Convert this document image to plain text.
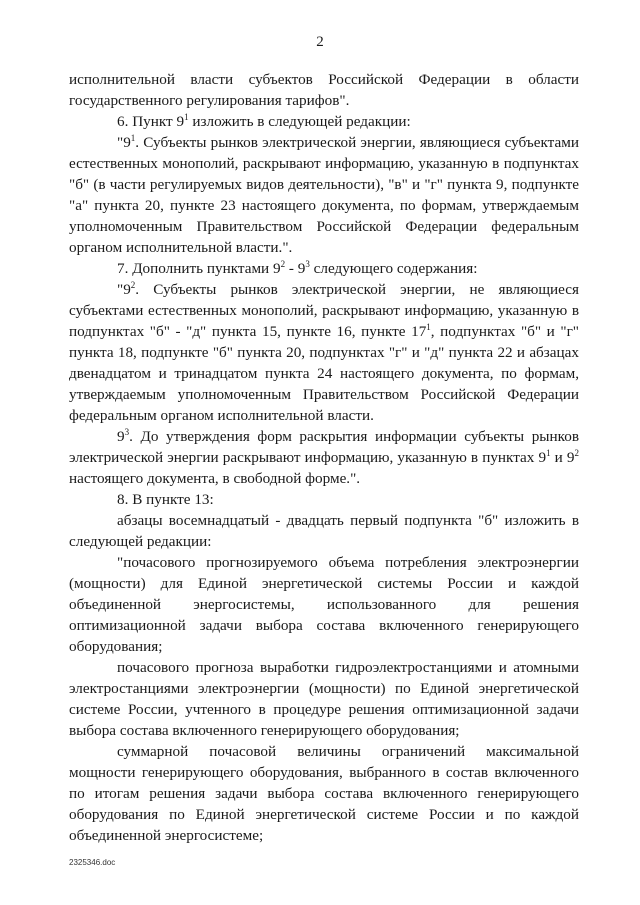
2

исполнительной власти субъектов Российской Федерации в области государственного регулирования тарифов".

6. Пункт $9^1$ изложить в следующей редакции:

"$9^1$. Субъекты рынков электрической энергии, являющиеся субъектами естественных монополий, раскрывают информацию, указанную в подпунктах "б" (в части регулируемых видов деятельности), "в" и "г" пункта 9, подпункте "а" пункта 20, пункте 23 настоящего документа, по формам, утверждаемым уполномоченным Правительством Российской Федерации федеральным органом исполнительной власти.".

7. Дополнить пунктами $9^2 - 9^3$ следующего содержания:

"$9^2$. Субъекты рынков электрической энергии, не являющиеся субъектами естественных монополий, раскрывают информацию, указанную в подпунктах "б" - "д" пункта 15, пункте 16, пункте $17^1$, подпунктах "б" и "г" пункта 18, подпункте "б" пункта 20, подпунктах "г" и "д" пункта 22 и абзацах двенадцатом и тринадцатом пункта 24 настоящего документа, по формам, утверждаемым уполномоченным Правительством Российской Федерации федеральным органом исполнительной власти.

$9^3$. До утверждения форм раскрытия информации субъекты рынков электрической энергии раскрывают информацию, указанную в пунктах $9^1$ и $9^2$ настоящего документа, в свободной форме.".

8. В пункте 13:

абзацы восемнадцатый - двадцать первый подпункта "б" изложить в следующей редакции:

"почасового прогнозируемого объема потребления электроэнергии (мощности) для Единой энергетической системы России и каждой объединенной энергосистемы, использованного для решения оптимизационной задачи выбора состава включенного генерирующего оборудования;

почасового прогноза выработки гидроэлектростанциями и атомными электростанциями электроэнергии (мощности) по Единой энергетической системе России, учтенного в процедуре решения оптимизационной задачи выбора состава включенного генерирующего оборудования;

суммарной почасовой величины ограничений максимальной мощности генерирующего оборудования, выбранного в состав включенного по итогам решения задачи выбора состава включенного генерирующего оборудования по Единой энергетической системе России и по каждой объединенной энергосистеме;

2325346.doc
